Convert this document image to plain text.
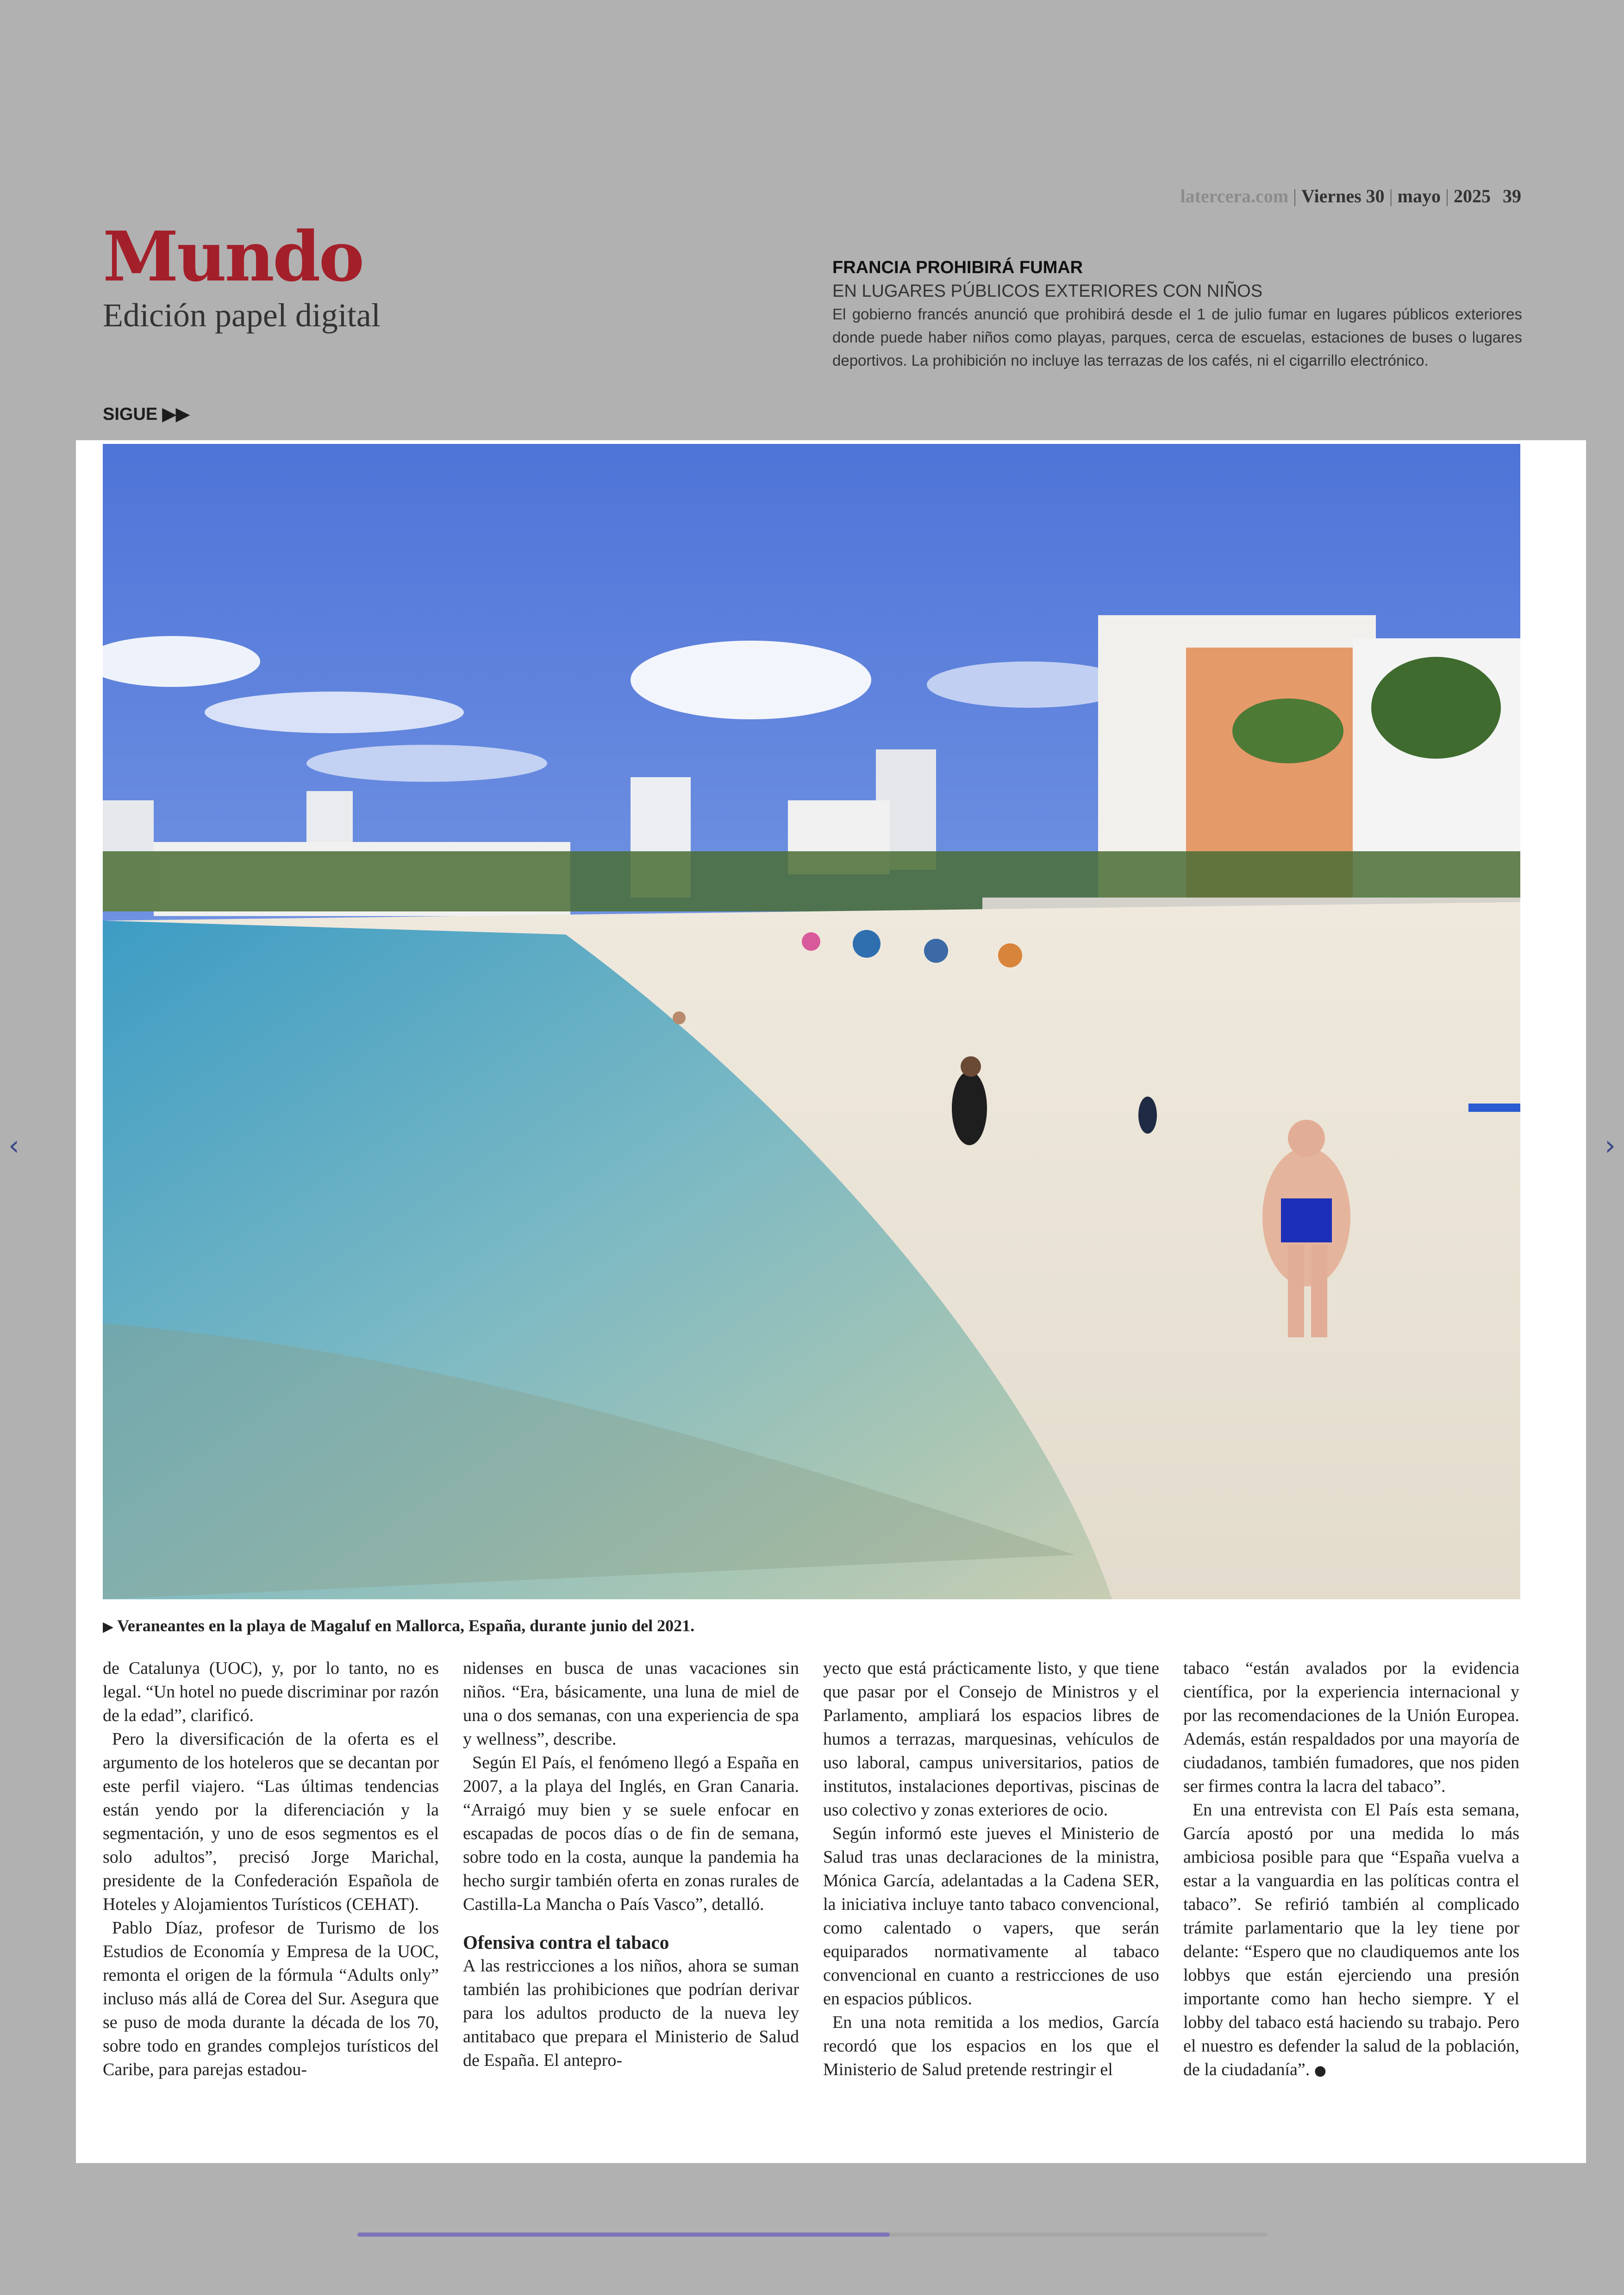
latercera.com | Viernes 30 | mayo | 2025 39
Mundo
Edición papel digital
FRANCIA PROHIBIRÁ FUMAR
EN LUGARES PÚBLICOS EXTERIORES CON NIÑOS
El gobierno francés anunció que prohibirá desde el 1 de julio fumar en lugares públicos exteriores donde puede haber niños como playas, parques, cerca de escuelas, estaciones de buses o lugares deportivos. La prohibición no incluye las terrazas de los cafés, ni el cigarrillo electrónico.
SIGUE ▶▶
‹	›
▶ Veraneantes en la playa de Magaluf en Mallorca, España, durante junio del 2021.

de Catalunya (UOC), y, por lo tanto, no es legal. “Un hotel no puede discriminar por razón de la edad”, clarificó.

Pero la diversificación de la oferta es el argumento de los hoteleros que se decantan por este perfil viajero. “Las últimas tendencias están yendo por la diferenciación y la segmentación, y uno de esos segmentos es el solo adultos”, precisó Jorge Marichal, presidente de la Confederación Española de Hoteles y Alojamientos Turísticos (CEHAT).

Pablo Díaz, profesor de Turismo de los Estudios de Economía y Empresa de la UOC, remonta el origen de la fórmula “Adults only” incluso más allá de Corea del Sur. Asegura que se puso de moda durante la década de los 70, sobre todo en grandes complejos turísticos del Caribe, para parejas estadou-

nidenses en busca de unas vacaciones sin niños. “Era, básicamente, una luna de miel de una o dos semanas, con una experiencia de spa y wellness”, describe.

Según El País, el fenómeno llegó a España en 2007, a la playa del Inglés, en Gran Canaria. “Arraigó muy bien y se suele enfocar en escapadas de pocos días o de fin de semana, sobre todo en la costa, aunque la pandemia ha hecho surgir también oferta en zonas rurales de Castilla-La Mancha o País Vasco”, detalló.

Ofensiva contra el tabaco

A las restricciones a los niños, ahora se suman también las prohibiciones que podrían derivar para los adultos producto de la nueva ley antitabaco que prepara el Ministerio de Salud de España. El antepro-

yecto que está prácticamente listo, y que tiene que pasar por el Consejo de Ministros y el Parlamento, ampliará los espacios libres de humos a terrazas, marquesinas, vehículos de uso laboral, campus universitarios, patios de institutos, instalaciones deportivas, piscinas de uso colectivo y zonas exteriores de ocio.

Según informó este jueves el Ministerio de Salud tras unas declaraciones de la ministra, Mónica García, adelantadas a la Cadena SER, la iniciativa incluye tanto tabaco convencional, como calentado o vapers, que serán equiparados normativamente al tabaco convencional en cuanto a restricciones de uso en espacios públicos.

En una nota remitida a los medios, García recordó que los espacios en los que el Ministerio de Salud pretende restringir el

tabaco “están avalados por la evidencia científica, por la experiencia internacional y por las recomendaciones de la Unión Europea. Además, están respaldados por una mayoría de ciudadanos, también fumadores, que nos piden ser firmes contra la lacra del tabaco”.

En una entrevista con El País esta semana, García apostó por una medida lo más ambiciosa posible para que “España vuelva a estar a la vanguardia en las políticas contra el tabaco”. Se refirió también al complicado trámite parlamentario que la ley tiene por delante: “Espero que no claudiquemos ante los lobbys que están ejerciendo una presión importante como han hecho siempre. Y el lobby del tabaco está haciendo su trabajo. Pero el nuestro es defender la salud de la población, de la ciudadanía”. ●
